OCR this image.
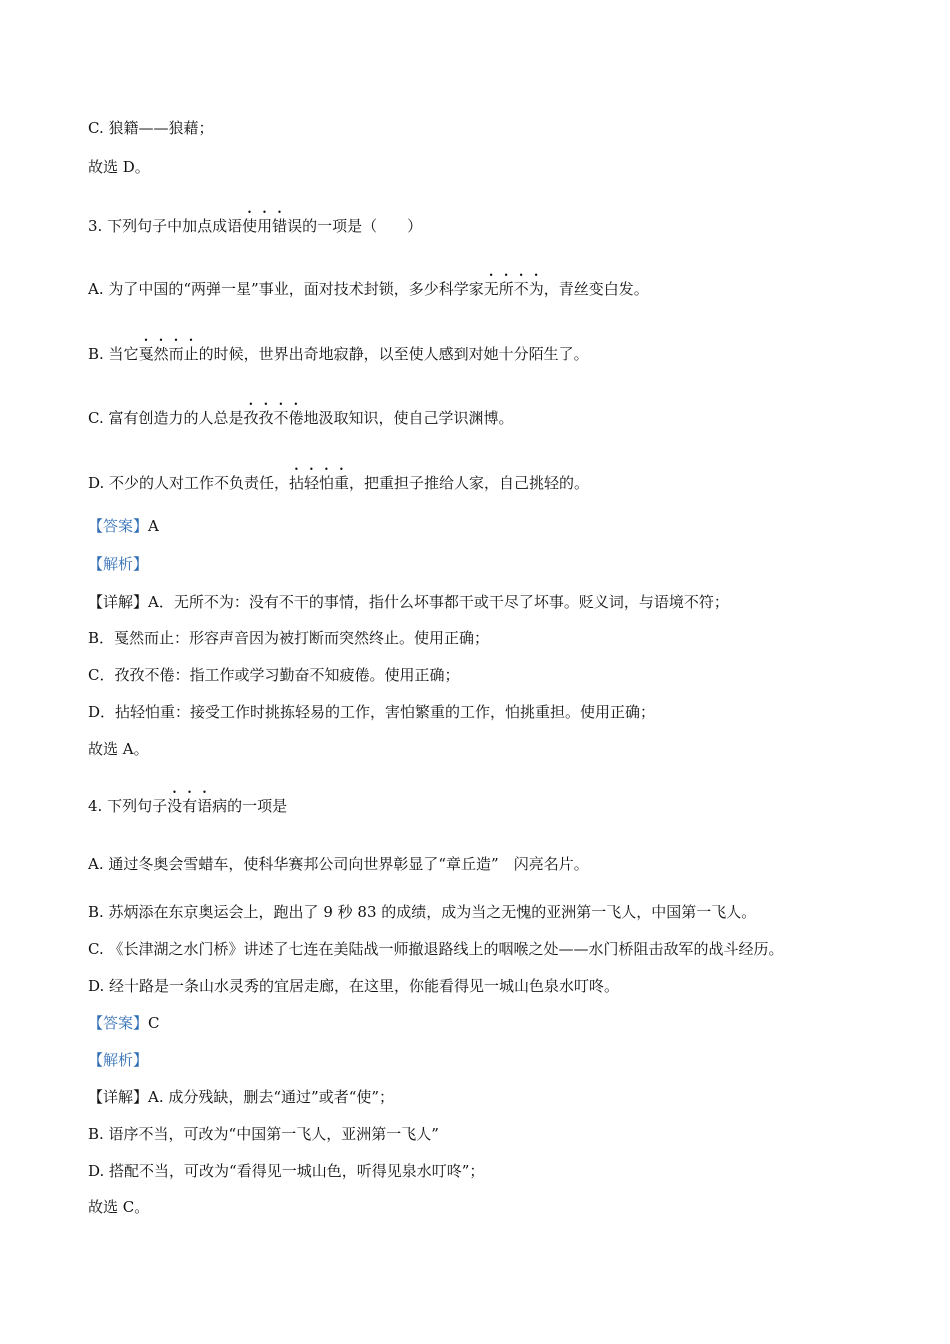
C. 狼籍——狼藉；
故选 D。
3. 下列句子中加点成语使用错误的一项是（　　）
A. 为了中国的“两弹一星”事业，面对技术封锁，多少科学家无所不为，青丝变白发。
B. 当它戛然而止的时候，世界出奇地寂静，以至使人感到对她十分陌生了。
C. 富有创造力的人总是孜孜不倦地汲取知识，使自己学识渊博。
D. 不少的人对工作不负责任，拈轻怕重，把重担子推给人家，自己挑轻的。
【答案】A
【解析】
【详解】A．无所不为：没有不干的事情，指什么坏事都干或干尽了坏事。贬义词，与语境不符；
B．戛然而止：形容声音因为被打断而突然终止。使用正确；
C．孜孜不倦：指工作或学习勤奋不知疲倦。使用正确；
D．拈轻怕重：接受工作时挑拣轻易的工作，害怕繁重的工作，怕挑重担。使用正确；
故选 A。
4. 下列句子没有语病的一项是
A. 通过冬奥会雪蜡车，使科华赛邦公司向世界彰显了“章丘造”　闪亮名片。
B. 苏炳添在东京奥运会上，跑出了 9 秒 83 的成绩，成为当之无愧的亚洲第一飞人，中国第一飞人。
C. 《长津湖之水门桥》讲述了七连在美陆战一师撤退路线上的咽喉之处——水门桥阻击敌军的战斗经历。
D. 经十路是一条山水灵秀的宜居走廊，在这里，你能看得见一城山色泉水叮咚。
【答案】C
【解析】
【详解】A. 成分残缺，删去“通过”或者“使”；
B. 语序不当，可改为“中国第一飞人，亚洲第一飞人”
D. 搭配不当，可改为“看得见一城山色，听得见泉水叮咚”；
故选 C。
